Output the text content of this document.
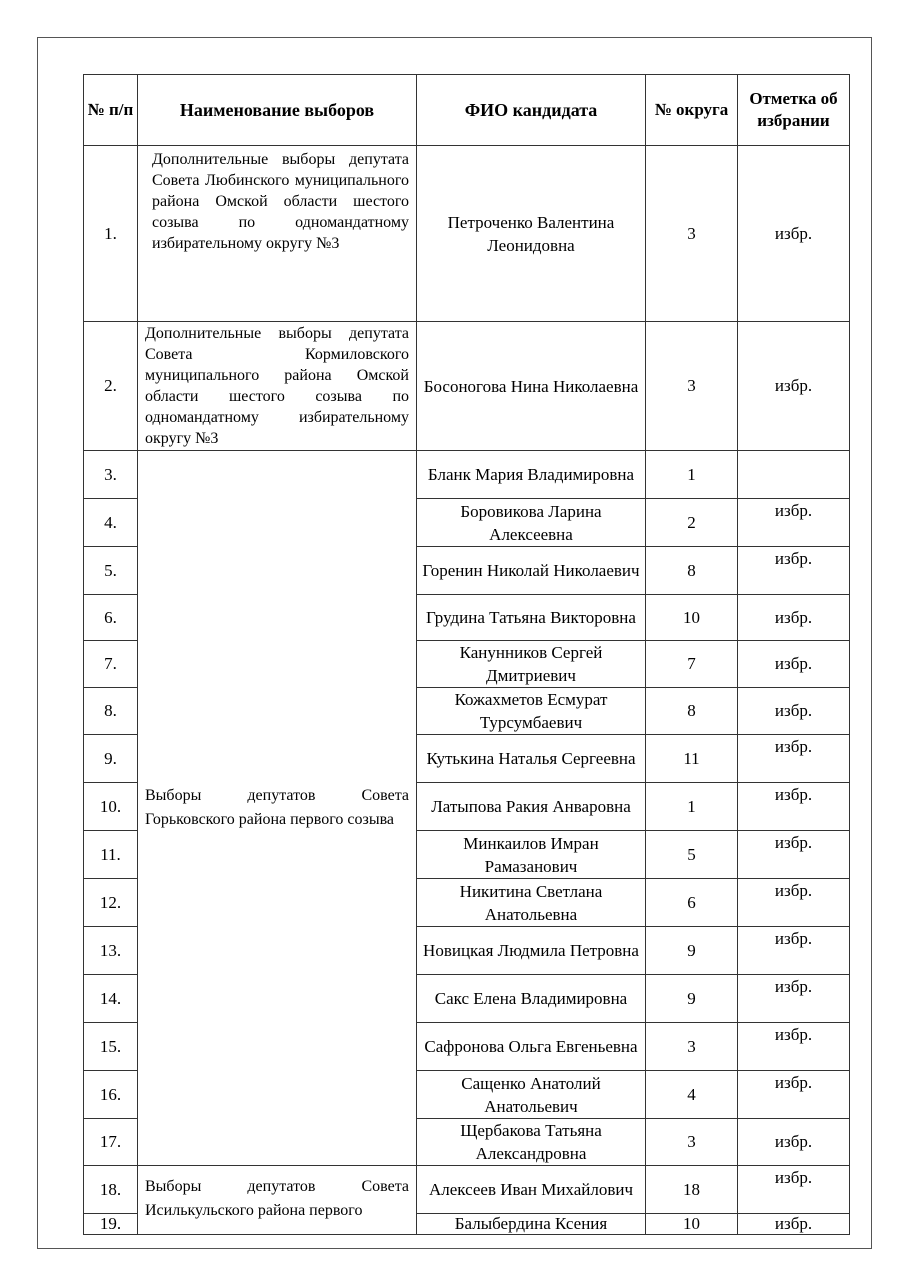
№ п/п	Наименование выборов	ФИО кандидата	№ округа	Отметка об избрании
1.	Дополнительные выборы депутата Совета Любинского муниципального района Омской области шестого созыва по одномандатному избирательному округу №3	Петроченко Валентина Леонидовна	3	избр.
2.	Дополнительные выборы депутата Совета Кормиловского муниципального района Омской области шестого созыва по одномандатному избирательному округу №3	Босоногова Нина Николаевна	3	избр.
3.	Выборы депутатов Совета Горьковского района первого созыва	Бланк Мария Владимировна	1	
4.		Боровикова Ларина Алексеевна	2	избр.
5.		Горенин Николай Николаевич	8	избр.
6.		Грудина Татьяна Викторовна	10	избр.
7.		Канунников Сергей Дмитриевич	7	избр.
8.		Кожахметов Есмурат Турсумбаевич	8	избр.
9.		Кутькина Наталья Сергеевна	11	избр.
10.		Латыпова Ракия Анваровна	1	избр.
11.		Минкаилов Имран Рамазанович	5	избр.
12.		Никитина Светлана Анатольевна	6	избр.
13.		Новицкая Людмила Петровна	9	избр.
14.		Сакс Елена Владимировна	9	избр.
15.		Сафронова Ольга Евгеньевна	3	избр.
16.		Сащенко Анатолий Анатольевич	4	избр.
17.		Щербакова Татьяна Александровна	3	избр.
18.	Выборы депутатов Совета Исилькульского района первого	Алексеев Иван Михайлович	18	избр.
19.		Балыбердина Ксения	10	избр.
